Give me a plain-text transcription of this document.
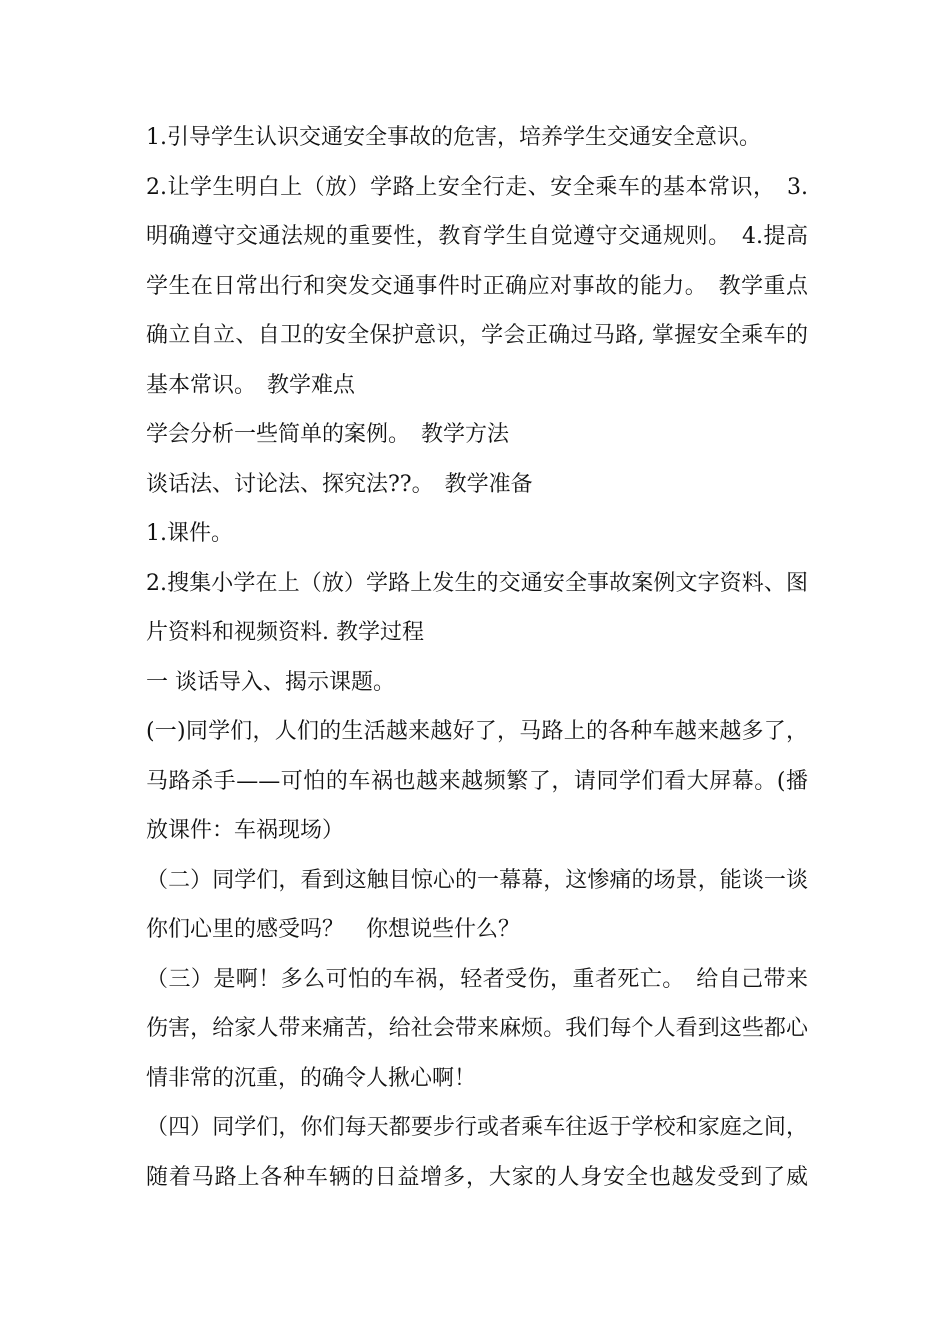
1.引导学生认识交通安全事故的危害，培养学生交通安全意识。
2.让学生明白上（放）学路上安全行走、安全乘车的基本常识，　3.
明确遵守交通法规的重要性，教育学生自觉遵守交通规则。　4.提高
学生在日常出行和突发交通事件时正确应对事故的能力。　教学重点
确立自立、自卫的安全保护意识，学会正确过马路, 掌握安全乘车的
基本常识。　教学难点
学会分析一些简单的案例。　教学方法
谈话法、讨论法、探究法??。　教学准备
1.课件。
2.搜集小学在上（放）学路上发生的交通安全事故案例文字资料、图
片资料和视频资料. 教学过程
一 谈话导入、揭示课题。
(一)同学们，人们的生活越来越好了，马路上的各种车越来越多了，
马路杀手——可怕的车祸也越来越频繁了，请同学们看大屏幕。(播
放课件：车祸现场）
（二）同学们，看到这触目惊心的一幕幕，这惨痛的场景，能谈一谈
你们心里的感受吗？　你想说些什么？
（三）是啊！多么可怕的车祸，轻者受伤，重者死亡。　给自己带来
伤害，给家人带来痛苦，给社会带来麻烦。我们每个人看到这些都心
情非常的沉重，的确令人揪心啊！
（四）同学们，你们每天都要步行或者乘车往返于学校和家庭之间，
随着马路上各种车辆的日益增多，大家的人身安全也越发受到了威
